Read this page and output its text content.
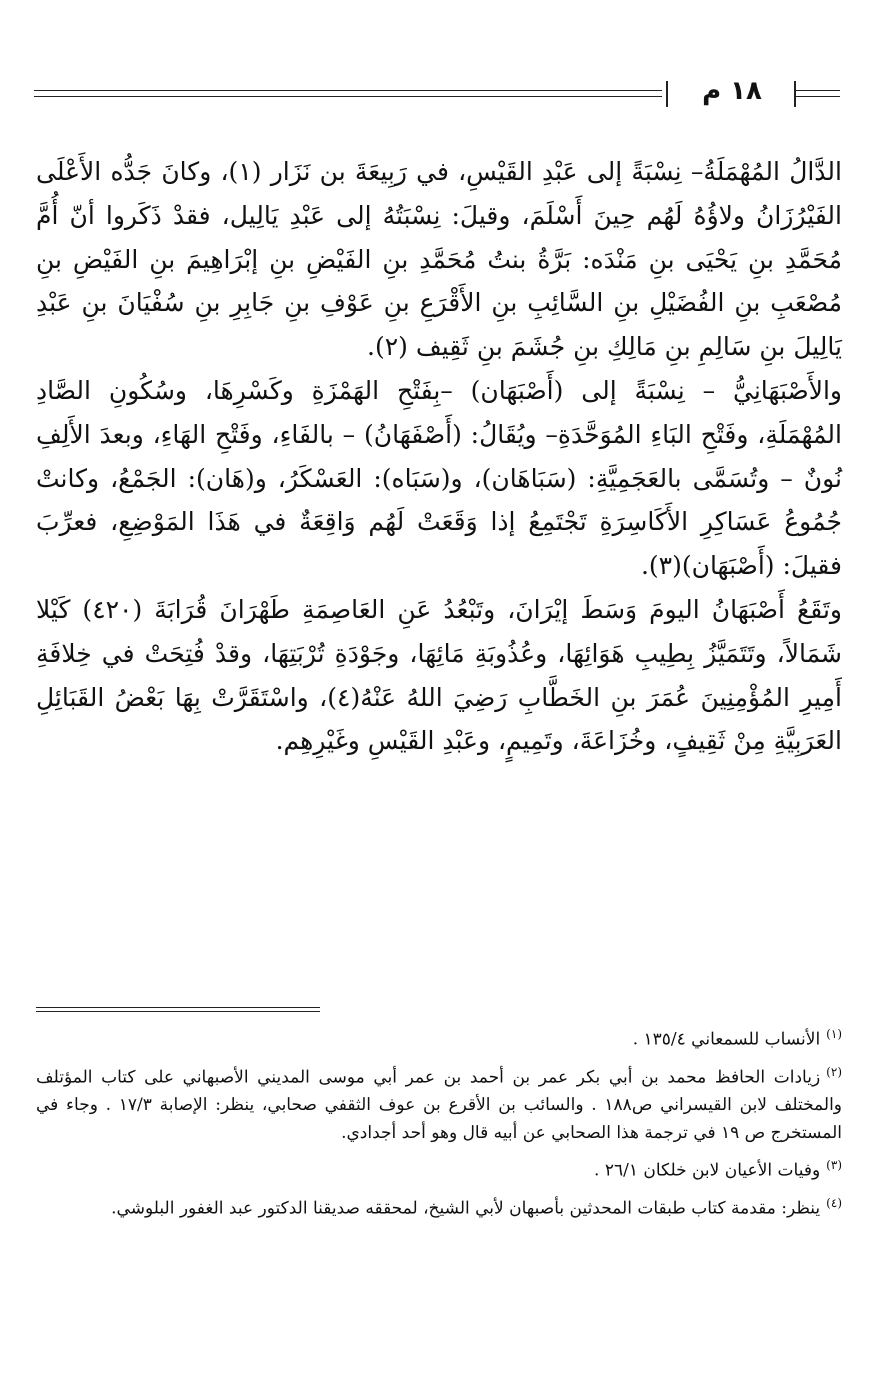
١٨ م

الدَّالُ المُهْمَلَةُ– نِسْبَةً إلى عَبْدِ القَيْسِ، في رَبِيعَةَ بن نَزَار (١)، وكانَ جَدُّه الأَعْلَى الفَيْرُزَانُ ولاؤُهُ لَهُم حِينَ أَسْلَمَ، وقيلَ: نِسْبَتُهُ إلى عَبْدِ يَالِيل، فقدْ ذَكَروا أنّ أُمَّ مُحَمَّدِ بنِ يَحْيَى بنِ مَنْدَه: بَرَّةُ بنتُ مُحَمَّدِ بنِ الفَيْضِ بنِ إبْرَاهِيمَ بنِ الفَيْضِ بنِ مُصْعَبِ بنِ الفُضَيْلِ بنِ السَّائِبِ بنِ الأَقْرَعِ بنِ عَوْفِ بنِ جَابِرِ بنِ سُفْيَانَ بنِ عَبْدِ يَالِيلَ بنِ سَالِمِ بنِ مَالِكِ بنِ جُشَمَ بنِ ثَقِيف (٢).

والأَصْبَهَانِيُّ – نِسْبَةً إلى (أَصْبَهَان) –بِفَتْحِ الهَمْزَةِ وكَسْرِهَا، وسُكُونِ الصَّادِ المُهْمَلَةِ، وفَتْحِ البَاءِ المُوَحَّدَةِ– ويُقَالُ: (أَصْفَهَانُ) – بالفَاءِ، وفَتْحِ الهَاءِ، وبعدَ الأَلِفِ نُونٌ – وتُسَمَّى بالعَجَمِيَّةِ: (سَبَاهَان)، و(سَبَاه): العَسْكَرُ، و(هَان): الجَمْعُ، وكانتْ جُمُوعُ عَسَاكِرِ الأَكَاسِرَةِ تَجْتَمِعُ إذا وَقَعَتْ لَهُم وَاقِعَةٌ في هَذَا المَوْضِعِ، فعرِّبَ فقيلَ: (أَصْبَهَان)(٣).

وتَقَعُ أَصْبَهَانُ اليومَ وَسَطَ إيْرَانَ، وتَبْعُدُ عَنِ العَاصِمَةِ طَهْرَانَ قُرَابَةَ (٤٢٠) كَيْلا شَمَالاً، وتَتَمَيَّزُ بِطِيبِ هَوَائِهَا، وعُذُوبَةِ مَائِهَا، وجَوْدَةِ تُرْبَتِهَا، وقدْ فُتِحَتْ في خِلافَةِ أَمِيرِ المُؤْمِنِينَ عُمَرَ بنِ الخَطَّابِ رَضِيَ اللهُ عَنْهُ(٤)، واسْتَقَرَّتْ بِهَا بَعْضُ القَبَائِلِ العَرَبِيَّةِ مِنْ ثَقِيفٍ، وخُزَاعَةَ، وتَمِيمٍ، وعَبْدِ القَيْسِ وغَيْرِهِم.

$^{(١)}$الأنساب للسمعاني ١٣٥/٤ .

$^{(٢)}$زيادات الحافظ محمد بن أبي بكر عمر بن أحمد بن عمر أبي موسى المديني الأصبهاني على كتاب المؤتلف والمختلف لابن القيسراني ص١٨٨ . والسائب بن الأقرع بن عوف الثقفي صحابي، ينظر: الإصابة ١٧/٣ . وجاء في المستخرج ص ١٩ في ترجمة هذا الصحابي عن أبيه قال وهو أحد أجدادي.

$^{(٣)}$وفيات الأعيان لابن خلكان ٢٦/١ .

$^{(٤)}$ينظر: مقدمة كتاب طبقات المحدثين بأصبهان لأبي الشيخ، لمحققه صديقنا الدكتور عبد الغفور البلوشي.
